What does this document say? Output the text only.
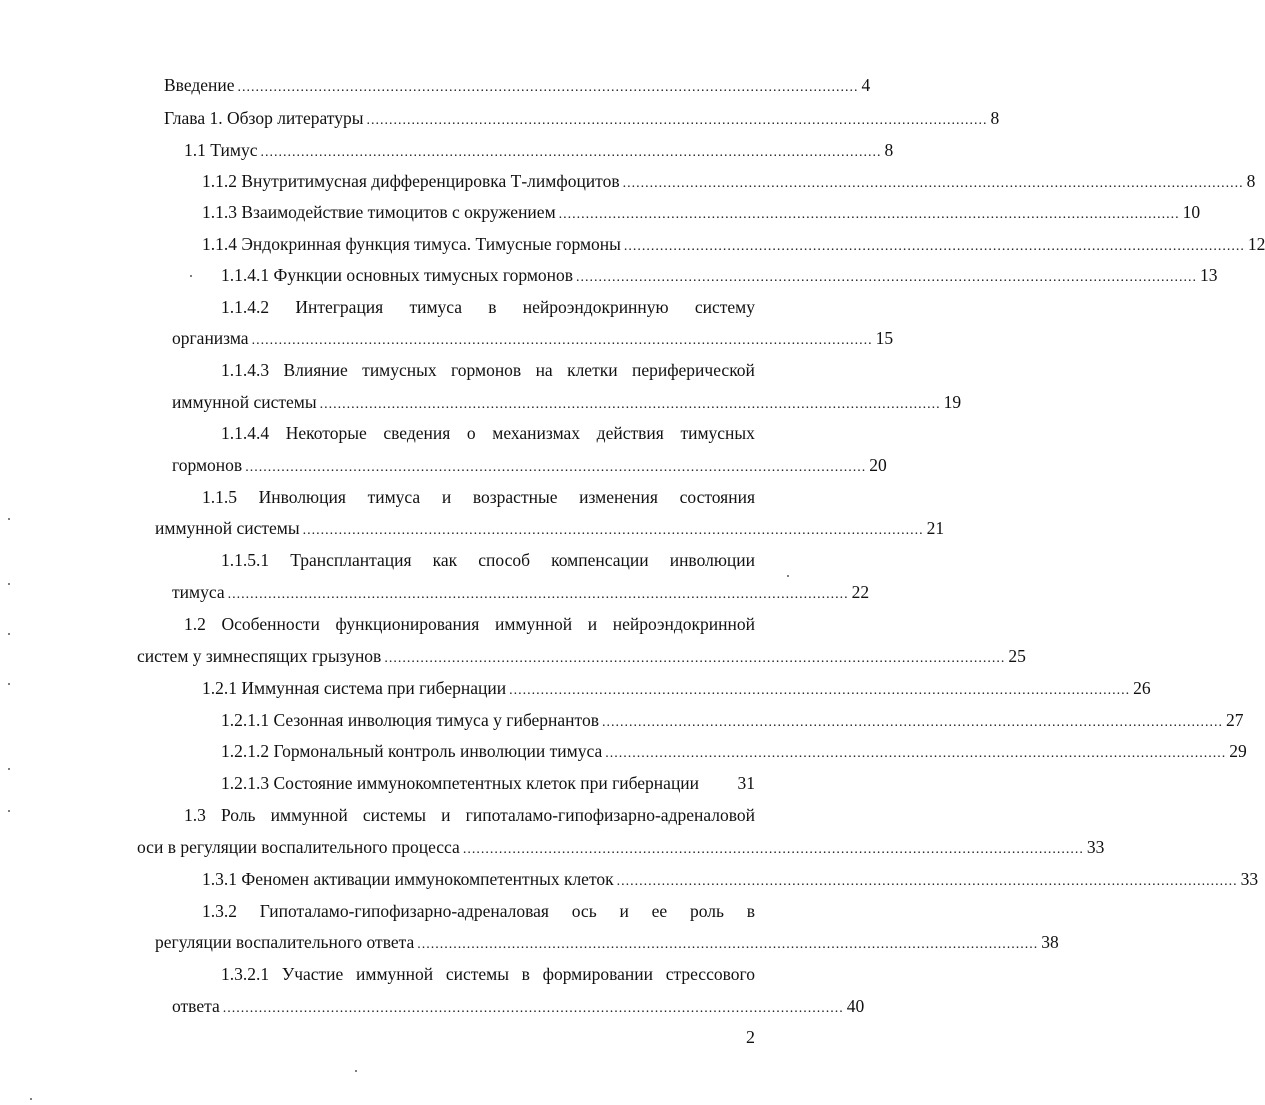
Введение .......................................................................................................................................... 4
Глава 1. Обзор литературы .......................................................................................................................................... 8
1.1 Тимус .......................................................................................................................................... 8
1.1.2 Внутритимусная дифференцировка Т-лимфоцитов .......................................................................................................................................... 8
1.1.3 Взаимодействие тимоцитов с окружением .......................................................................................................................................... 10
1.1.4 Эндокринная функция тимуса. Тимусные гормоны .......................................................................................................................................... 12
1.1.4.1 Функции основных тимусных гормонов .......................................................................................................................................... 13
1.1.4.2 Интеграция тимуса в нейроэндокринную систему
организма .......................................................................................................................................... 15
1.1.4.3 Влияние тимусных гормонов на клетки периферической
иммунной системы .......................................................................................................................................... 19
1.1.4.4 Некоторые сведения о механизмах действия тимусных
гормонов .......................................................................................................................................... 20
1.1.5 Инволюция тимуса и возрастные изменения состояния
иммунной системы .......................................................................................................................................... 21
1.1.5.1 Трансплантация как способ компенсации инволюции
тимуса .......................................................................................................................................... 22
1.2 Особенности функционирования иммунной и нейроэндокринной
систем у зимнеспящих грызунов .......................................................................................................................................... 25
1.2.1 Иммунная система при гибернации .......................................................................................................................................... 26
1.2.1.1 Сезонная инволюция тимуса у гибернантов .......................................................................................................................................... 27
1.2.1.2 Гормональный контроль инволюции тимуса .......................................................................................................................................... 29
1.2.1.3 Состояние иммунокомпетентных клеток при гибернации 31
1.3 Роль иммунной системы и гипоталамо-гипофизарно-адреналовой
оси в регуляции воспалительного процесса .......................................................................................................................................... 33
1.3.1 Феномен активации иммунокомпетентных клеток .......................................................................................................................................... 33
1.3.2 Гипоталамо-гипофизарно-адреналовая ось и ее роль в
регуляции воспалительного ответа .......................................................................................................................................... 38
1.3.2.1 Участие иммунной системы в формировании стрессового
ответа .......................................................................................................................................... 40
2
